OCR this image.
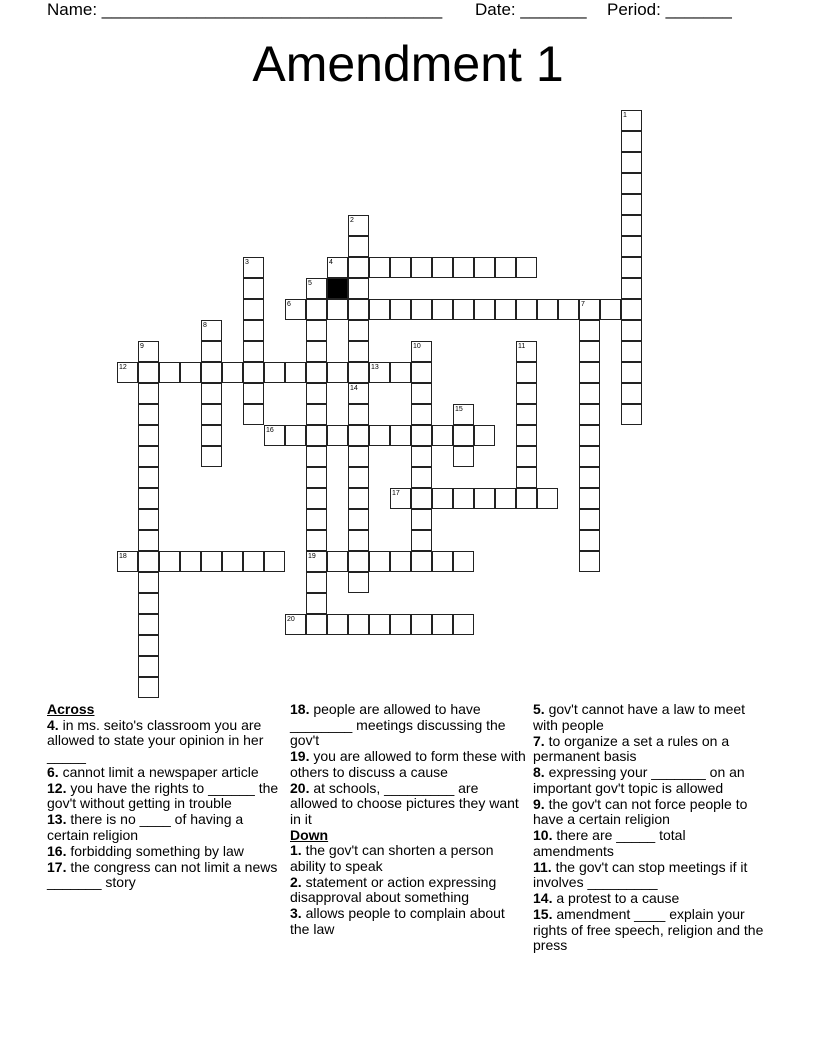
Name: ____________________________________ Date: _______ Period: _______
Amendment 1
1
2
3	4
5
6	7
8
9	10	11
12	13
14
15
16
17
18	19
20

Across

4. in ms. seito's classroom you are allowed to state your opinion in her _____

6. cannot limit a newspaper article

12. you have the rights to ______ the gov't without getting in trouble

13. there is no ____ of having a certain religion

16. forbidding something by law

17. the congress can not limit a news _______ story

18. people are allowed to have ________ meetings discussing the gov't

19. you are allowed to form these with others to discuss a cause

20. at schools, _________ are allowed to choose pictures they want in it

Down

1. the gov't can shorten a person ability to speak

2. statement or action expressing disapproval about something

3. allows people to complain about the law

5. gov't cannot have a law to meet with people

7. to organize a set a rules on a permanent basis

8. expressing your _______ on an important gov't topic is allowed

9. the gov't can not force people to have a certain religion

10. there are _____ total amendments

11. the gov't can stop meetings if it involves _________

14. a protest to a cause

15. amendment ____ explain your rights of free speech, religion and the press
